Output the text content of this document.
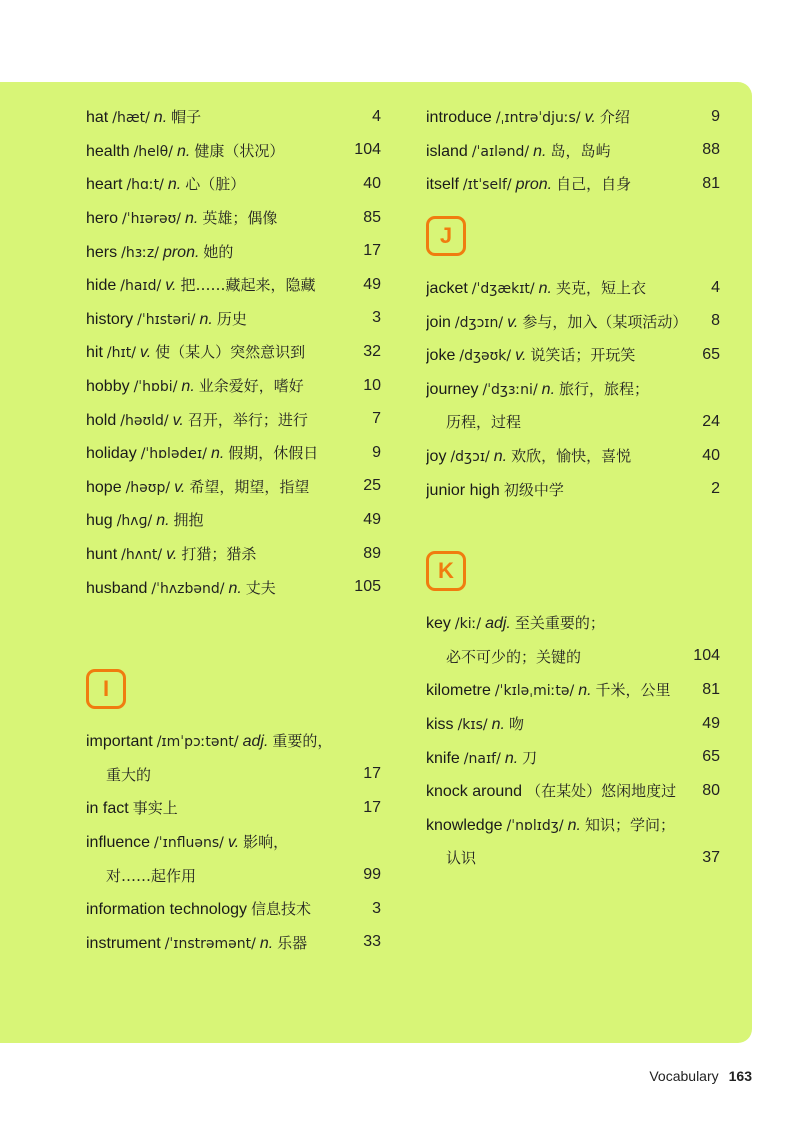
hat /hæt/ n. 帽子	4
health /helθ/ n. 健康（状况）	104
heart /hɑːt/ n. 心（脏）	40
hero /ˈhɪərəʊ/ n. 英雄；偶像	85
hers /hɜːz/ pron. 她的	17
hide /haɪd/ v. 把……藏起来，隐藏	49
history /ˈhɪstəri/ n. 历史	3
hit /hɪt/ v. 使（某人）突然意识到	32
hobby /ˈhɒbi/ n. 业余爱好，嗜好	10
hold /həʊld/ v. 召开，举行；进行	7
holiday /ˈhɒlədeɪ/ n. 假期，休假日	9
hope /həʊp/ v. 希望，期望，指望	25
hug /hʌɡ/ n. 拥抱	49
hunt /hʌnt/ v. 打猎；猎杀	89
husband /ˈhʌzbənd/ n. 丈夫	105
I
important /ɪmˈpɔːtənt/ adj. 重要的，
重大的	17
in fact 事实上	17
influence /ˈɪnfluəns/ v. 影响，
对……起作用	99
information technology 信息技术	3
instrument /ˈɪnstrəmənt/ n. 乐器	33
introduce /ˌɪntrəˈdjuːs/ v. 介绍	9
island /ˈaɪlənd/ n. 岛，岛屿	88
itself /ɪtˈself/ pron. 自己，自身	81
J
jacket /ˈdʒækɪt/ n. 夹克，短上衣	4
join /dʒɔɪn/ v. 参与，加入（某项活动）	8
joke /dʒəʊk/ v. 说笑话；开玩笑	65
journey /ˈdʒɜːni/ n. 旅行，旅程；
历程，过程	24
joy /dʒɔɪ/ n. 欢欣，愉快，喜悦	40
junior high 初级中学	2
K
key /kiː/ adj. 至关重要的；
必不可少的；关键的	104
kilometre /ˈkɪləˌmiːtə/ n. 千米，公里	81
kiss /kɪs/ n. 吻	49
knife /naɪf/ n. 刀	65
knock around （在某处）悠闲地度过	80
knowledge /ˈnɒlɪdʒ/ n. 知识；学问；
认识	37
Vocabulary 163
